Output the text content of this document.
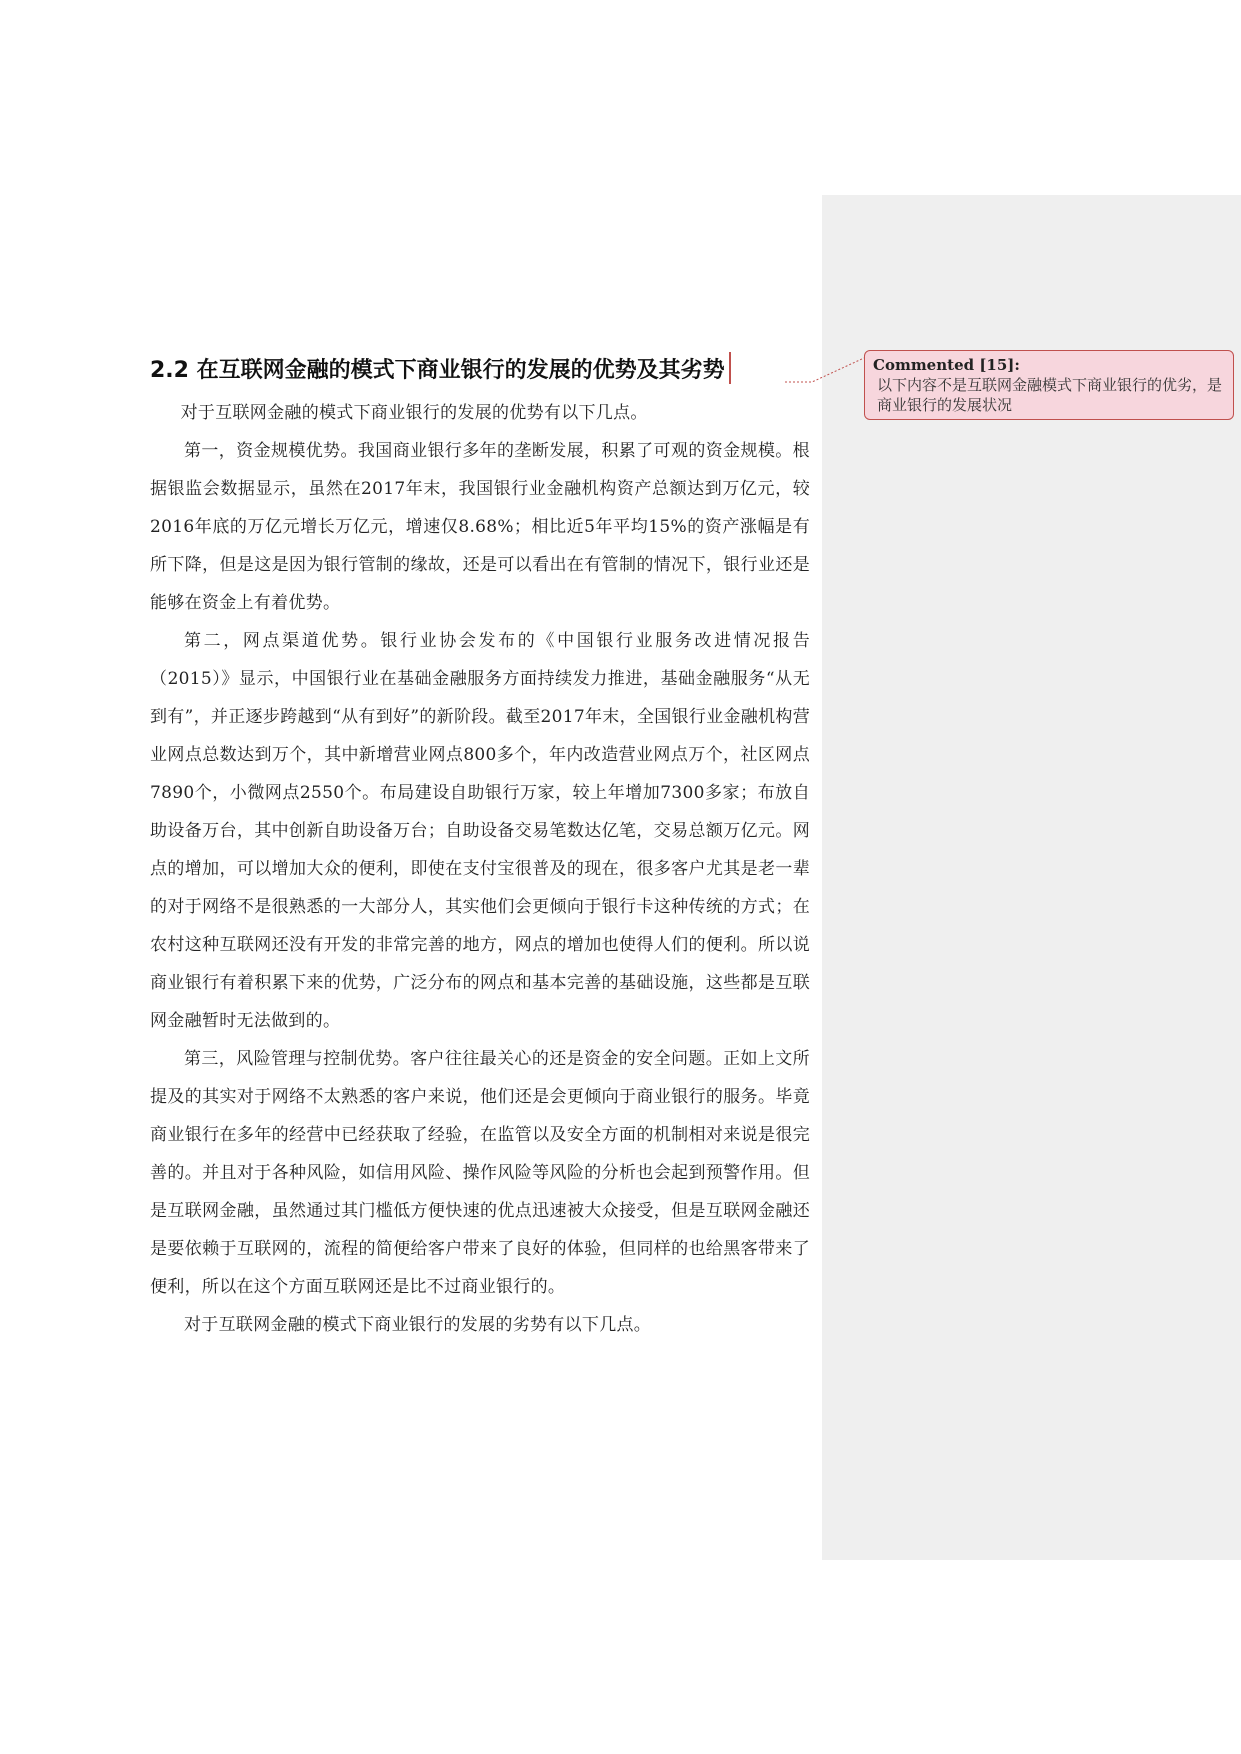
2.2 在互联网金融的模式下商业银行的发展的优势及其劣势

对于互联网金融的模式下商业银行的发展的优势有以下几点。

第一，资金规模优势。我国商业银行多年的垄断发展，积累了可观的资金规模。根据银监会数据显示，虽然在2017年末，我国银行业金融机构资产总额达到万亿元，较2016年底的万亿元增长万亿元，增速仅8.68%；相比近5年平均15%的资产涨幅是有所下降，但是这是因为银行管制的缘故，还是可以看出在有管制的情况下，银行业还是能够在资金上有着优势。

第二，网点渠道优势。银行业协会发布的《中国银行业服务改进情况报告（2015）》显示，中国银行业在基础金融服务方面持续发力推进，基础金融服务“从无到有”，并正逐步跨越到“从有到好”的新阶段。截至2017年末，全国银行业金融机构营业网点总数达到万个，其中新增营业网点800多个，年内改造营业网点万个，社区网点7890个，小微网点2550个。布局建设自助银行万家，较上年增加7300多家；布放自助设备万台，其中创新自助设备万台；自助设备交易笔数达亿笔，交易总额万亿元。网点的增加，可以增加大众的便利，即使在支付宝很普及的现在，很多客户尤其是老一辈的对于网络不是很熟悉的一大部分人，其实他们会更倾向于银行卡这种传统的方式；在农村这种互联网还没有开发的非常完善的地方，网点的增加也使得人们的便利。所以说商业银行有着积累下来的优势，广泛分布的网点和基本完善的基础设施，这些都是互联网金融暂时无法做到的。

第三，风险管理与控制优势。客户往往最关心的还是资金的安全问题。正如上文所提及的其实对于网络不太熟悉的客户来说，他们还是会更倾向于商业银行的服务。毕竟商业银行在多年的经营中已经获取了经验，在监管以及安全方面的机制相对来说是很完善的。并且对于各种风险，如信用风险、操作风险等风险的分析也会起到预警作用。但是互联网金融，虽然通过其门槛低方便快速的优点迅速被大众接受，但是互联网金融还是要依赖于互联网的，流程的简便给客户带来了良好的体验，但同样的也给黑客带来了便利，所以在这个方面互联网还是比不过商业银行的。

对于互联网金融的模式下商业银行的发展的劣势有以下几点。

Commented [15]:
以下内容不是互联网金融模式下商业银行的优劣，是商业银行的发展状况
